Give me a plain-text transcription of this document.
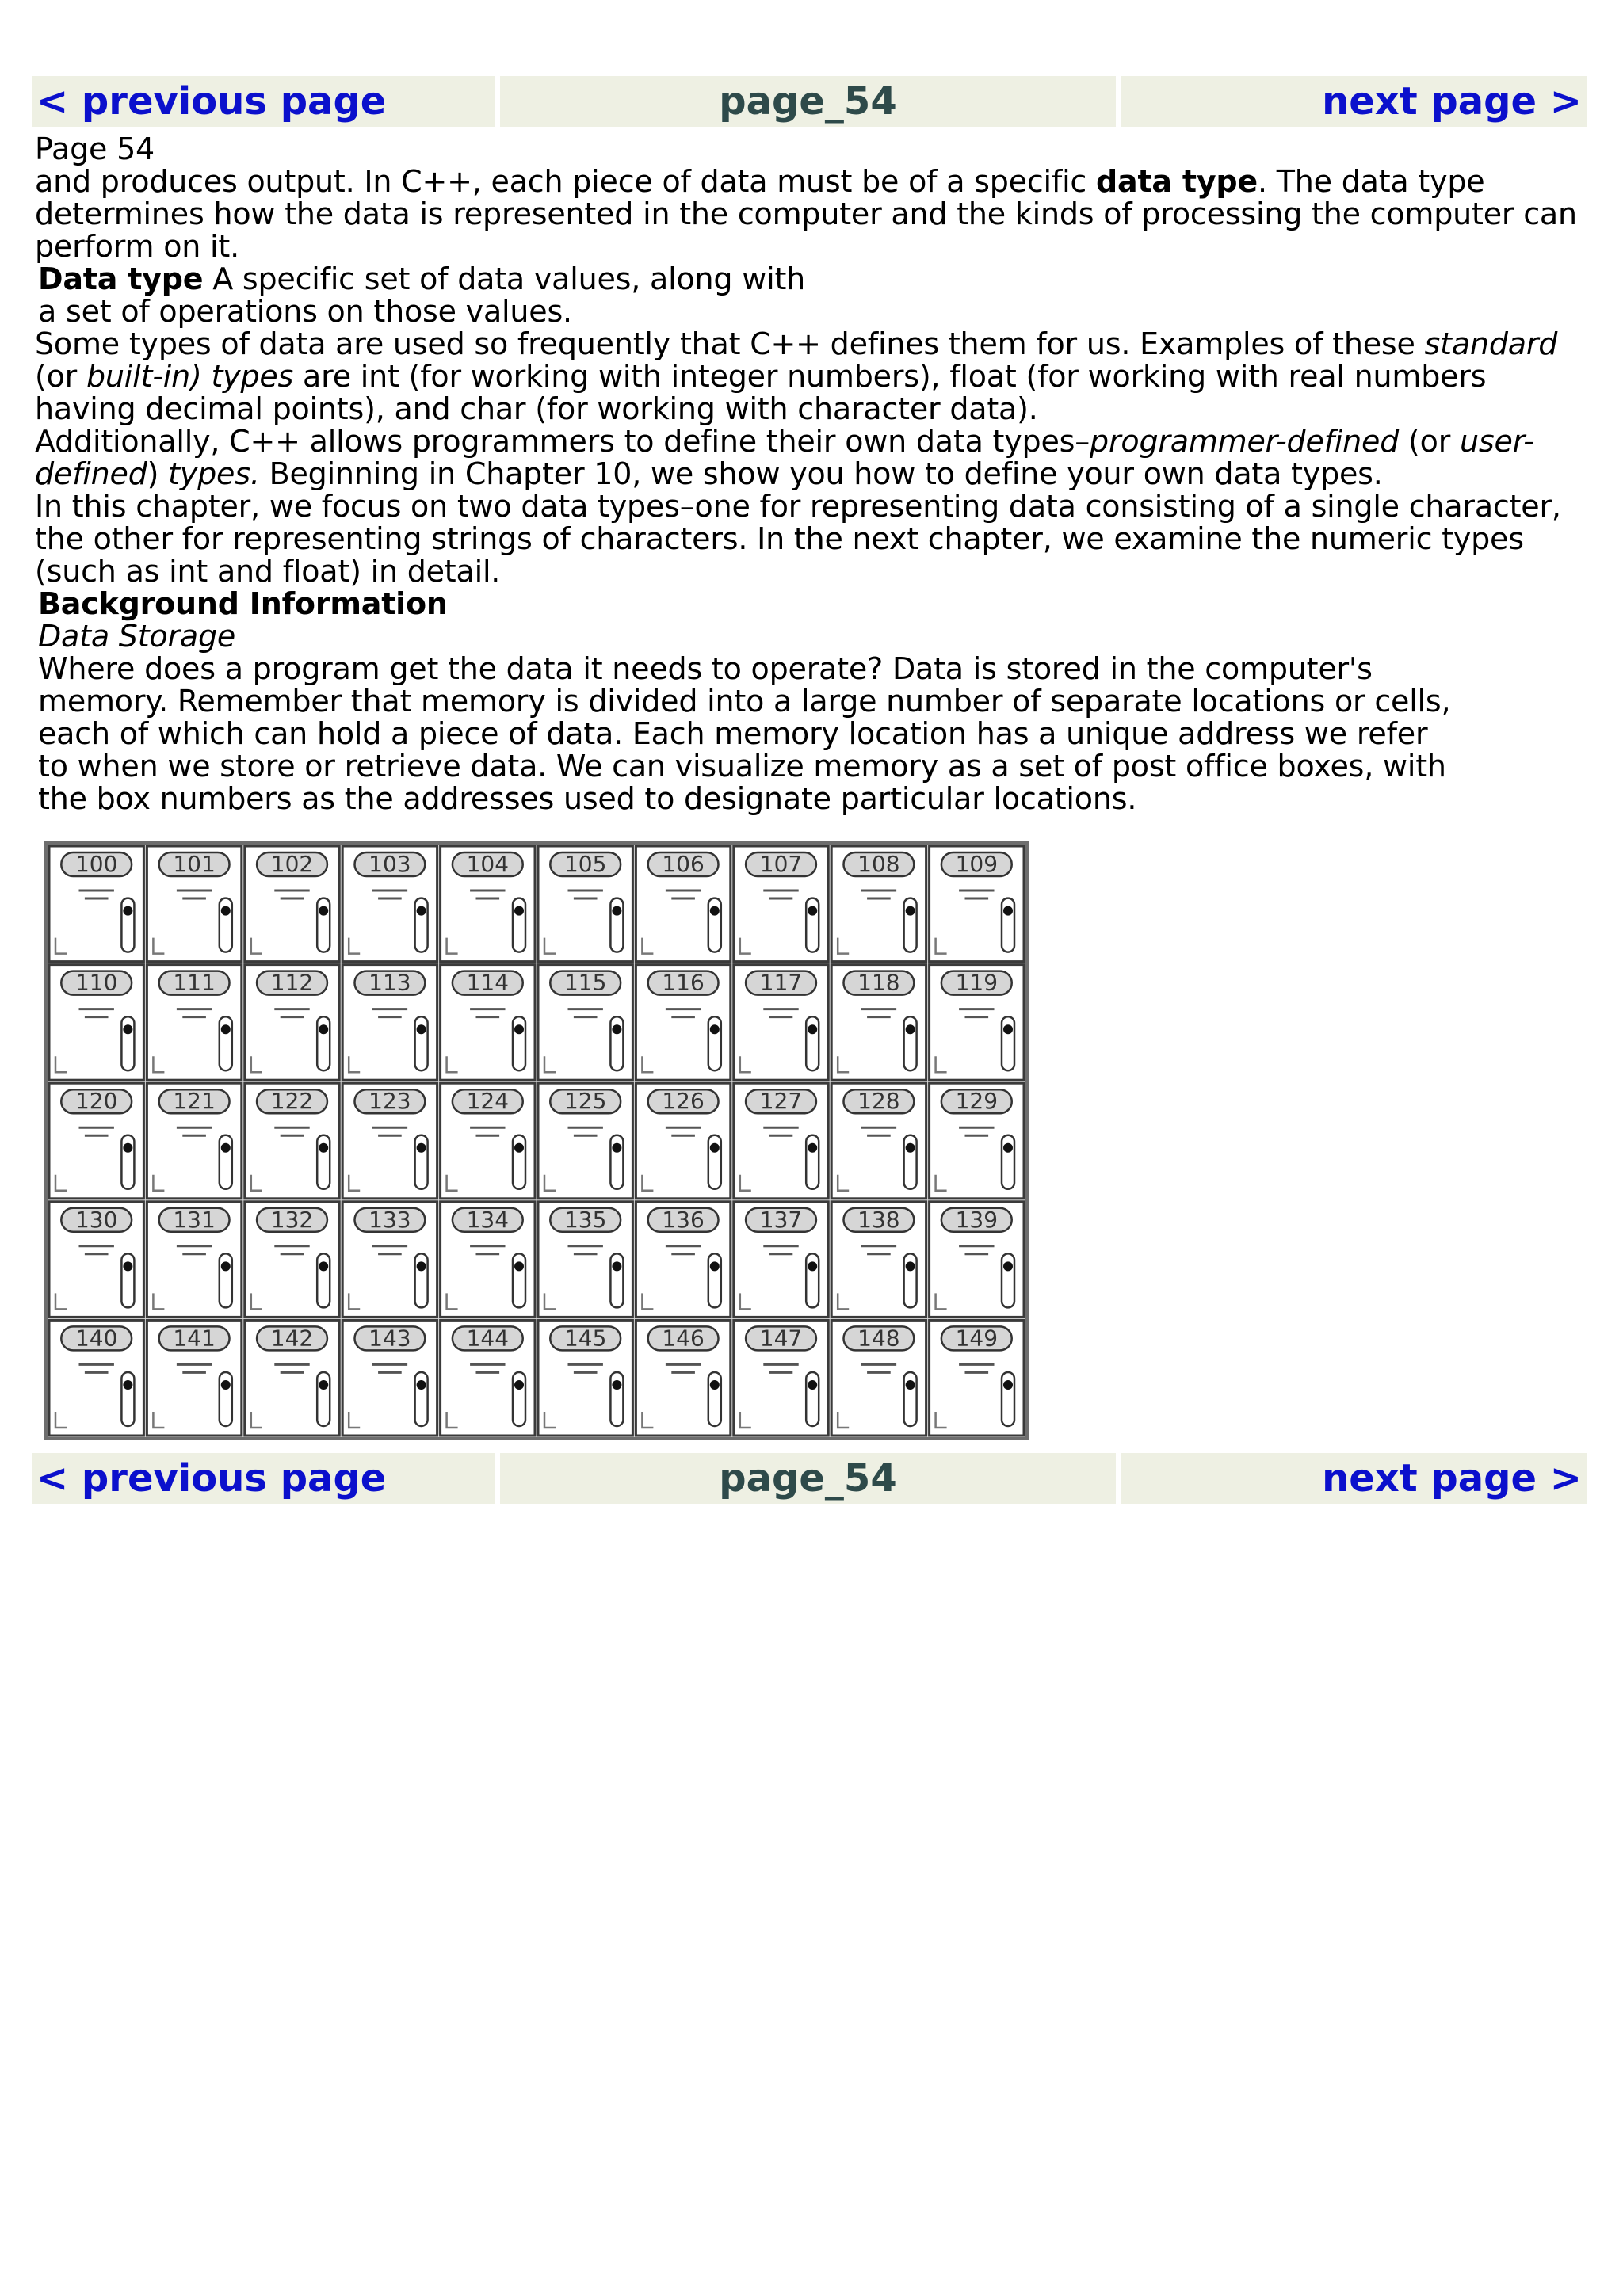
< previous page	page_54	next page >

Page 54

and produces output. In C++, each piece of data must be of a specific data type. The data type determines how the data is represented in the computer and the kinds of processing the computer can perform on it.

Data type A specific set of data values, along with
a set of operations on those values.

Some types of data are used so frequently that C++ defines them for us. Examples of these standard (or built-in) types are int (for working with integer numbers), float (for working with real numbers having decimal points), and char (for working with character data).

Additionally, C++ allows programmers to define their own data types–programmer-defined (or user-defined) types. Beginning in Chapter 10, we show you how to define your own data types.

In this chapter, we focus on two data types–one for representing data consisting of a single character, the other for representing strings of characters. In the next chapter, we examine the numeric types (such as int and float) in detail.

Background Information

Data Storage

Where does a program get the data it needs to operate? Data is stored in the computer's
memory. Remember that memory is divided into a large number of separate locations or cells,
each of which can hold a piece of data. Each memory location has a unique address we refer
to when we store or retrieve data. We can visualize memory as a set of post office boxes, with
the box numbers as the addresses used to designate particular locations.

100 101 102 103 104 105 106 107 108 109
110 111 112 113 114 115 116 117 118 119
120 121 122 123 124 125 126 127 128 129
130 131 132 133 134 135 136 137 138 139
140 141 142 143 144 145 146 147 148 149
< previous page	page_54	next page >
